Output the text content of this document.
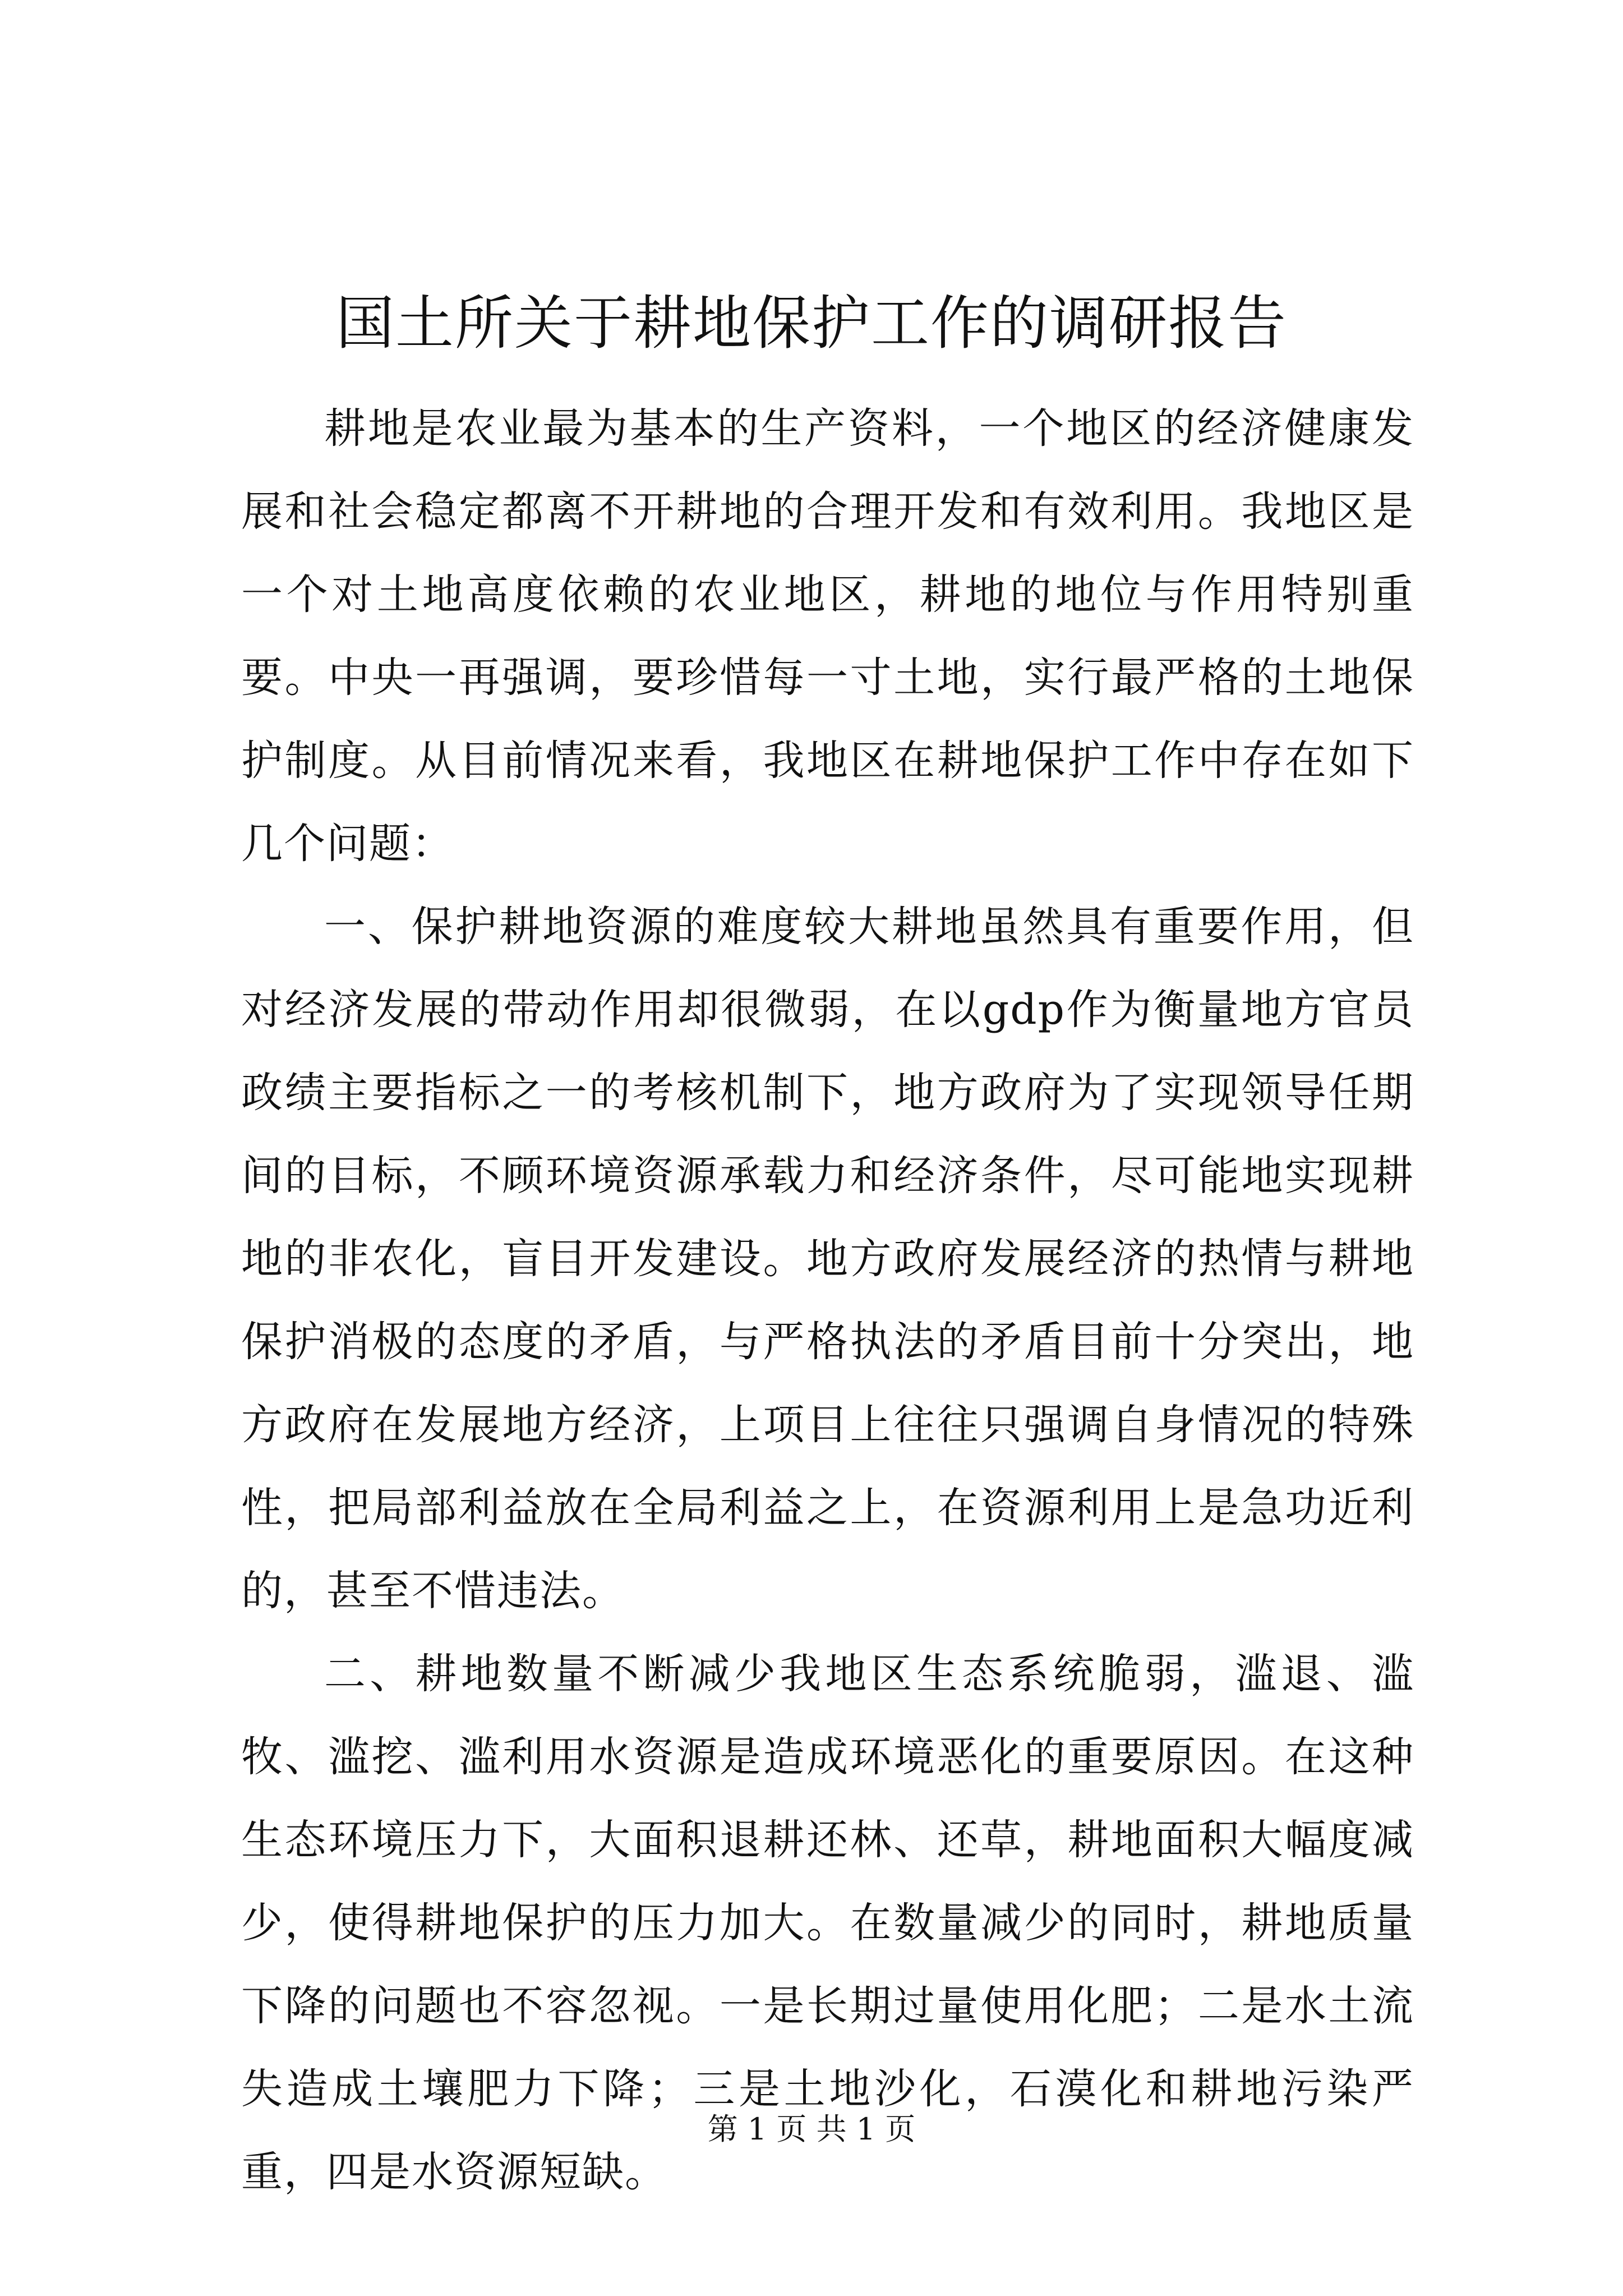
国土所关于耕地保护工作的调研报告

耕地是农业最为基本的生产资料，一个地区的经济健康发展和社会稳定都离不开耕地的合理开发和有效利用。我地区是一个对土地高度依赖的农业地区，耕地的地位与作用特别重要。中央一再强调，要珍惜每一寸土地，实行最严格的土地保护制度。从目前情况来看，我地区在耕地保护工作中存在如下几个问题：

一、保护耕地资源的难度较大耕地虽然具有重要作用，但对经济发展的带动作用却很微弱，在以gdp作为衡量地方官员政绩主要指标之一的考核机制下，地方政府为了实现领导任期间的目标，不顾环境资源承载力和经济条件，尽可能地实现耕地的非农化，盲目开发建设。地方政府发展经济的热情与耕地保护消极的态度的矛盾，与严格执法的矛盾目前十分突出，地方政府在发展地方经济，上项目上往往只强调自身情况的特殊性，把局部利益放在全局利益之上，在资源利用上是急功近利的，甚至不惜违法。

二、耕地数量不断减少我地区生态系统脆弱，滥退、滥牧、滥挖、滥利用水资源是造成环境恶化的重要原因。在这种生态环境压力下，大面积退耕还林、还草，耕地面积大幅度减少，使得耕地保护的压力加大。在数量减少的同时，耕地质量下降的问题也不容忽视。一是长期过量使用化肥；二是水土流失造成土壤肥力下降；三是土地沙化，石漠化和耕地污染严重，四是水资源短缺。

第 1 页 共 1 页
